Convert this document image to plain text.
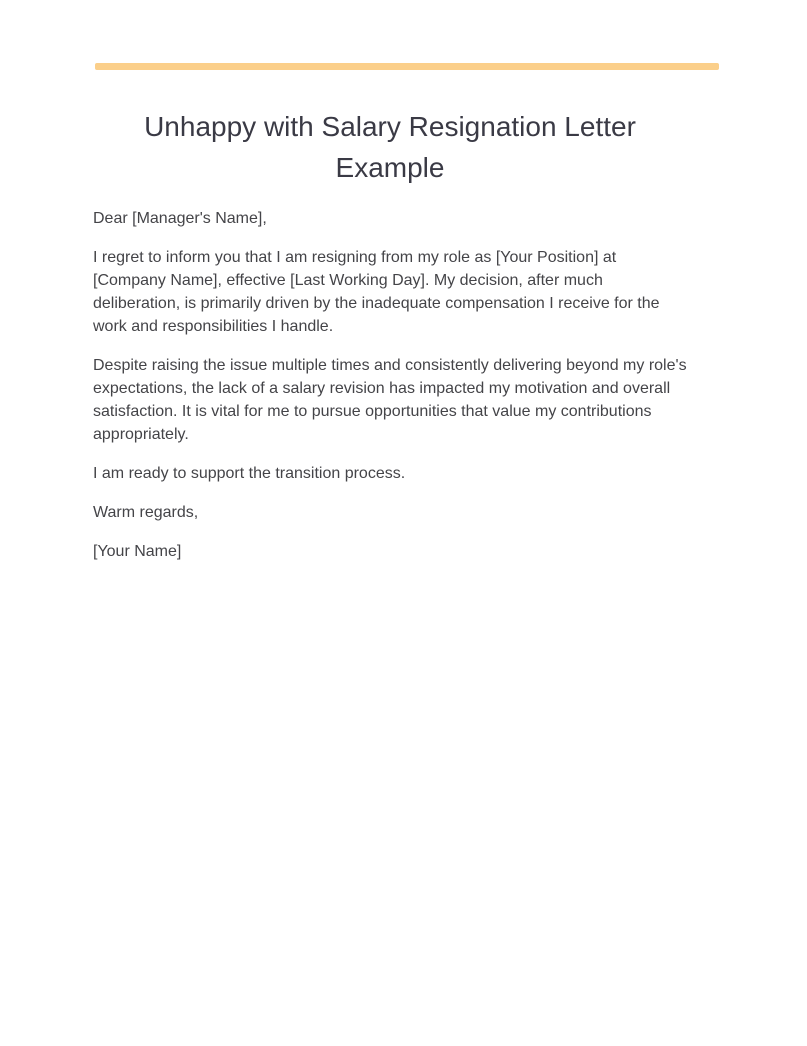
Unhappy with Salary Resignation Letter Example

Dear [Manager's Name],

I regret to inform you that I am resigning from my role as [Your Position] at [Company Name], effective [Last Working Day]. My decision, after much deliberation, is primarily driven by the inadequate compensation I receive for the work and responsibilities I handle.

Despite raising the issue multiple times and consistently delivering beyond my role's expectations, the lack of a salary revision has impacted my motivation and overall satisfaction. It is vital for me to pursue opportunities that value my contributions appropriately.

I am ready to support the transition process.

Warm regards,

[Your Name]
